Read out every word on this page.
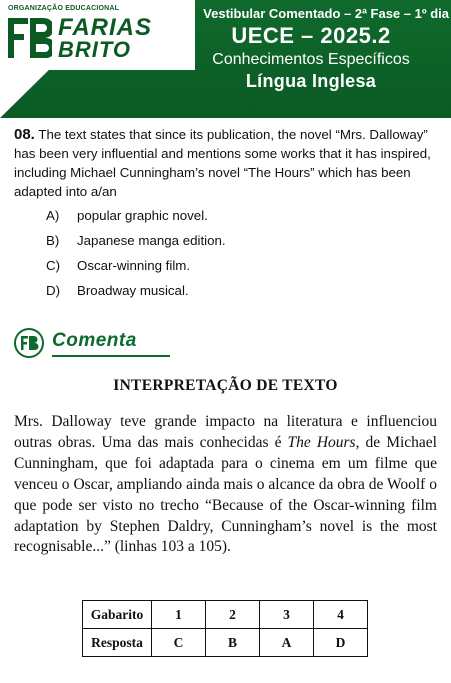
ORGANIZAÇÃO EDUCACIONAL
FARIAS
BRITO
Vestibular Comentado – 2ª Fase – 1º dia
UECE – 2025.2
Conhecimentos Específicos
Língua Inglesa
08. The text states that since its publication, the novel “Mrs. Dalloway” has been very influential and mentions some works that it has inspired, including Michael Cunningham’s novel “The Hours” which has been adapted into a/an
A) popular graphic novel.
B) Japanese manga edition.
C) Oscar-winning film.
D) Broadway musical.
Comenta
INTERPRETAÇÃO DE TEXTO
Mrs. Dalloway teve grande impacto na literatura e influenciou outras obras. Uma das mais conhecidas é The Hours, de Michael Cunningham, que foi adaptada para o cinema em um filme que venceu o Oscar, ampliando ainda mais o alcance da obra de Woolf o que pode ser visto no trecho “Because of the Oscar-winning film adaptation by Stephen Daldry, Cunningham’s novel is the most recognisable...” (linhas 103 a 105).
Gabarito	1	2	3	4
Resposta	C	B	A	D
